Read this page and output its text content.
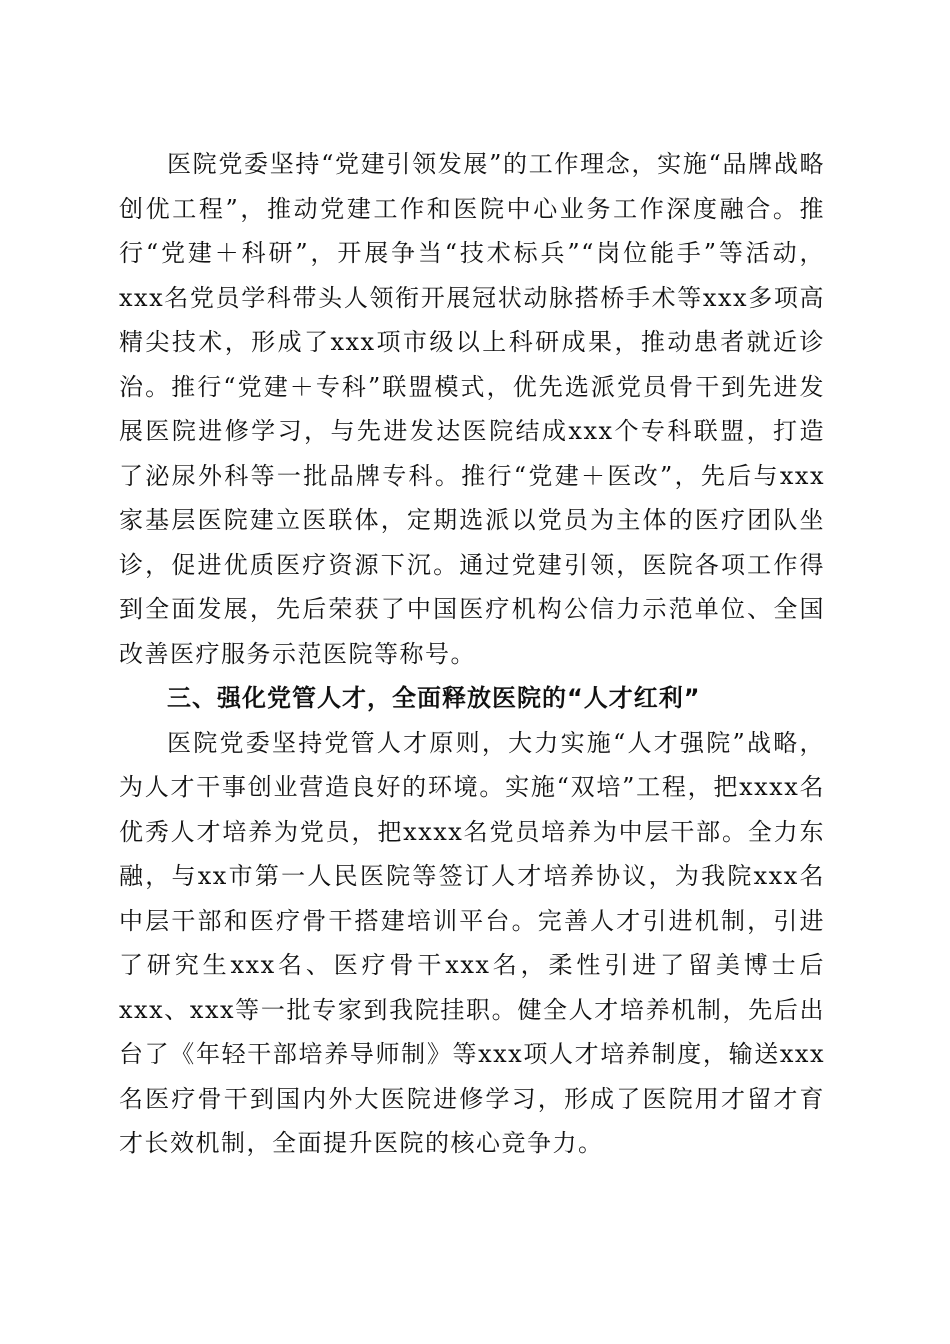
医院党委坚持“党建引领发展”的工作理念，实施“品牌战略创优工程”，推动党建工作和医院中心业务工作深度融合。推行“党建＋科研”，开展争当“技术标兵”“岗位能手”等活动，xxx名党员学科带头人领衔开展冠状动脉搭桥手术等xxx多项高精尖技术，形成了xxx项市级以上科研成果，推动患者就近诊治。推行“党建＋专科”联盟模式，优先选派党员骨干到先进发展医院进修学习，与先进发达医院结成xxx个专科联盟，打造了泌尿外科等一批品牌专科。推行“党建＋医改”，先后与xxx家基层医院建立医联体，定期选派以党员为主体的医疗团队坐诊，促进优质医疗资源下沉。通过党建引领，医院各项工作得到全面发展，先后荣获了中国医疗机构公信力示范单位、全国改善医疗服务示范医院等称号。

三、强化党管人才，全面释放医院的“人才红利”

医院党委坚持党管人才原则，大力实施“人才强院”战略，为人才干事创业营造良好的环境。实施“双培”工程，把xxxx名优秀人才培养为党员，把xxxx名党员培养为中层干部。全力东融，与xx市第一人民医院等签订人才培养协议，为我院xxx名中层干部和医疗骨干搭建培训平台。完善人才引进机制，引进了研究生xxx名、医疗骨干xxx名，柔性引进了留美博士后xxx、xxx等一批专家到我院挂职。健全人才培养机制，先后出台了《年轻干部培养导师制》等xxx项人才培养制度，输送xxx名医疗骨干到国内外大医院进修学习，形成了医院用才留才育才长效机制，全面提升医院的核心竞争力。
